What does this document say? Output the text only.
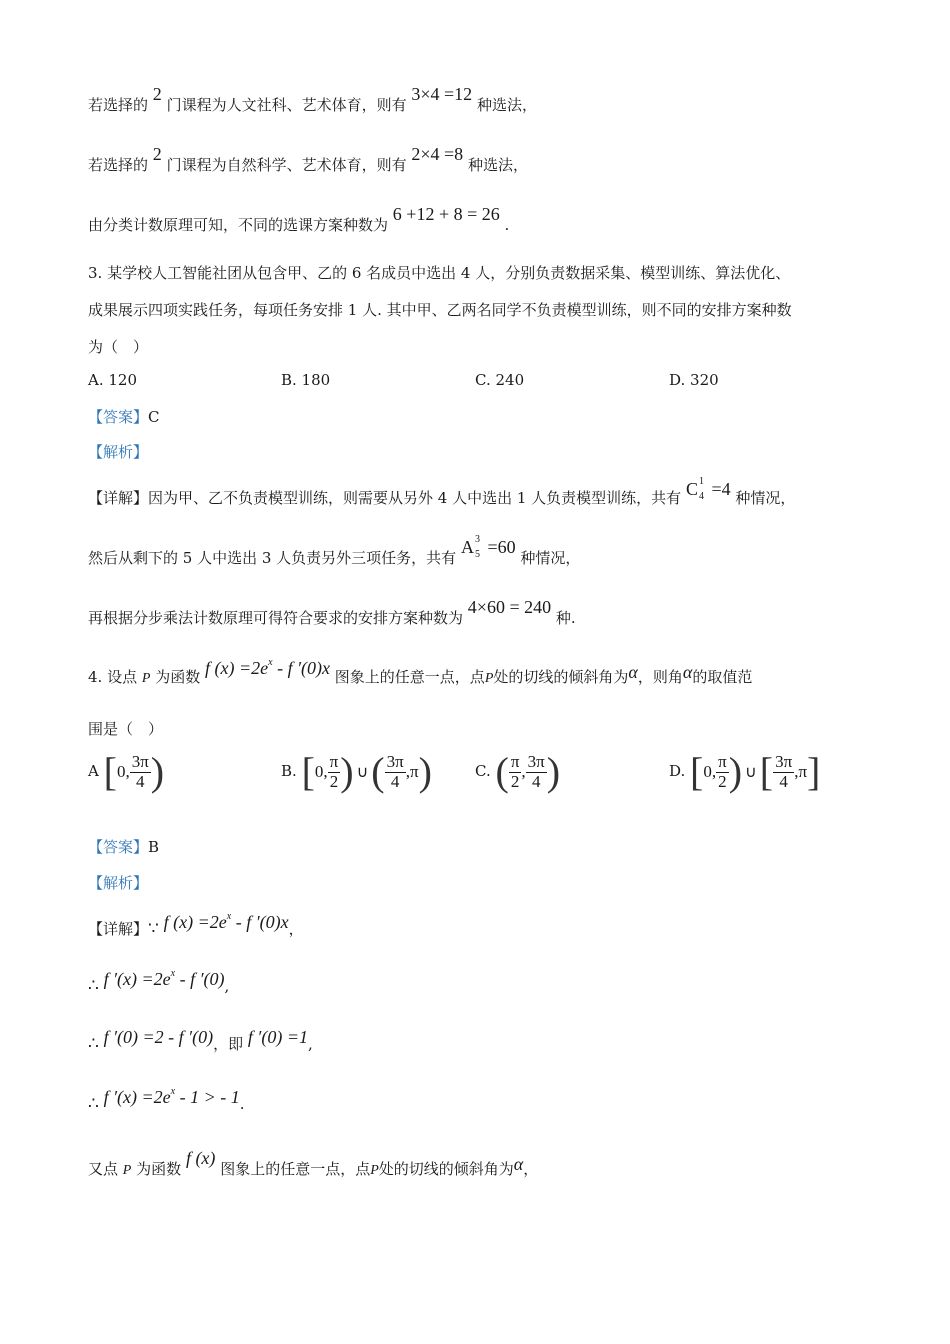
若选择的 2 门课程为人文社科、艺术体育，则有 3×4 =12 种选法，
若选择的 2 门课程为自然科学、艺术体育，则有 2×4 =8 种选法，
由分类计数原理可知，不同的选课方案种数为 6 +12 + 8 = 26 .
3. 某学校人工智能社团从包含甲、乙的 6 名成员中选出 4 人，分别负责数据采集、模型训练、算法优化、
成果展示四项实践任务，每项任务安排 1 人. 其中甲、乙两名同学不负责模型训练，则不同的安排方案种数
为（　）
A. 120	B. 180	C. 240	D. 320
【答案】C
【解析】
【详解】因为甲、乙不负责模型训练，则需要从另外 4 人中选出 1 人负责模型训练，共有 C 1
4 =4 种情况，
然后从剩下的 5 人中选出 3 人负责另外三项任务，共有 A 3
5 =60 种情况，
再根据分步乘法计数原理可得符合要求的安排方案种数为 4×60 = 240 种.
4. 设点 P 为函数 f $(x) =2e^x - f$ ′(0)x 图象上的任意一点，点P处的切线的倾斜角为α，则角α的取值范
围是（　）
A [0, $\frac{3\pi}{4}$ )	B. [0, $\frac{\pi}{2}$ ) ∪( $\frac{3\pi}{4} ,\pi$)	C. ( $\frac{\pi}{2}$ , $\frac{3\pi}{4}$ )	D. [0, $\frac{\pi}{2}$ ) ∪[ $\frac{3\pi}{4} ,\pi$]
【答案】B
【解析】
【详解】∵ f $(x) =2e^x - f$ ′(0)x，
∴ f $'(x) =2e^x - f$ ′(0),
∴ f ′(0) =2 - f ′(0)，即 f ′(0) =1,
∴ f $'(x) =2e^x - 1$ > - 1.
又点 P 为函数 f (x) 图象上的任意一点，点P处的切线的倾斜角为α，
